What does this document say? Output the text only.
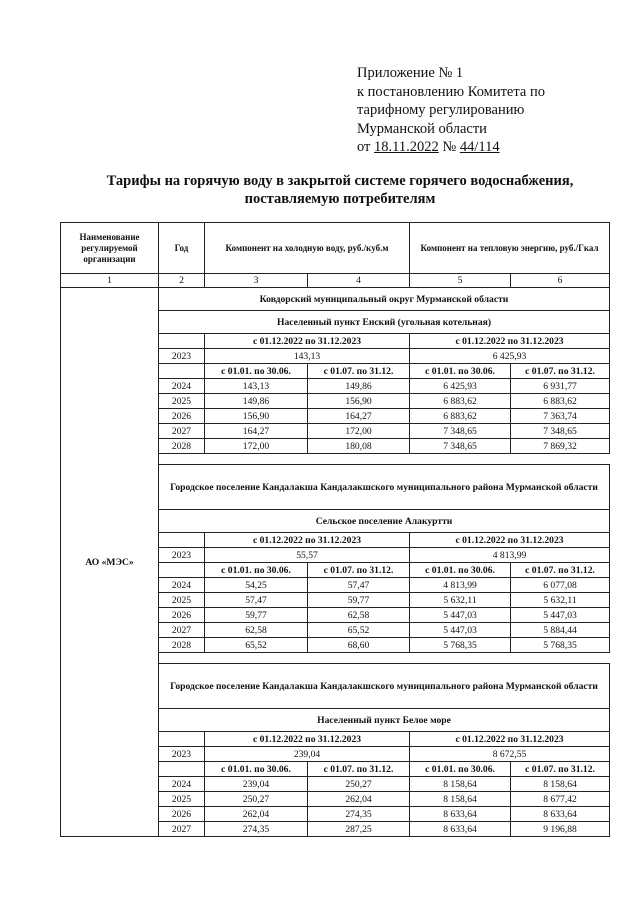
Приложение № 1
к постановлению Комитета по
тарифному регулированию
Мурманской области
от 18.11.2022 № 44/114
Тарифы на горячую воду в закрытой системе горячего водоснабжения,
поставляемую потребителям
Наименование регулируемой организации	Год	Компонент на холодную воду, руб./куб.м		Компонент на тепловую энергию, руб./Гкал	
1	2	3	4	5	6
АО «МЭС»	Ковдорский муниципальный округ Мурманской области				
	Населенный пункт Енский (угольная котельная)				
		с 01.12.2022 по 31.12.2023		с 01.12.2022 по 31.12.2023	
	2023	143,13		6 425,93	
		с 01.01. по 30.06.	с 01.07. по 31.12.	с 01.01. по 30.06.	с 01.07. по 31.12.
	2024	143,13	149,86	6 425,93	6 931,77
	2025	149,86	156,90	6 883,62	6 883,62
	2026	156,90	164,27	6 883,62	7 363,74
	2027	164,27	172,00	7 348,65	7 348,65
	2028	172,00	180,08	7 348,65	7 869,32

	Городское поселение Кандалакша Кандалакшского муниципального района Мурманской области				
	Сельское поселение Алакуртти				
		с 01.12.2022 по 31.12.2023		с 01.12.2022 по 31.12.2023	
	2023	55,57		4 813,99	
		с 01.01. по 30.06.	с 01.07. по 31.12.	с 01.01. по 30.06.	с 01.07. по 31.12.
	2024	54,25	57,47	4 813,99	6 077,08
	2025	57,47	59,77	5 632,11	5 632,11
	2026	59,77	62,58	5 447,03	5 447,03
	2027	62,58	65,52	5 447,03	5 884,44
	2028	65,52	68,60	5 768,35	5 768,35

	Городское поселение Кандалакша Кандалакшского муниципального района Мурманской области				
	Населенный пункт Белое море				
		с 01.12.2022 по 31.12.2023		с 01.12.2022 по 31.12.2023	
	2023	239,04		8 672,55	
		с 01.01. по 30.06.	с 01.07. по 31.12.	с 01.01. по 30.06.	с 01.07. по 31.12.
	2024	239,04	250,27	8 158,64	8 158,64
	2025	250,27	262,04	8 158,64	8 677,42
	2026	262,04	274,35	8 633,64	8 633,64
	2027	274,35	287,25	8 633,64	9 196,88
